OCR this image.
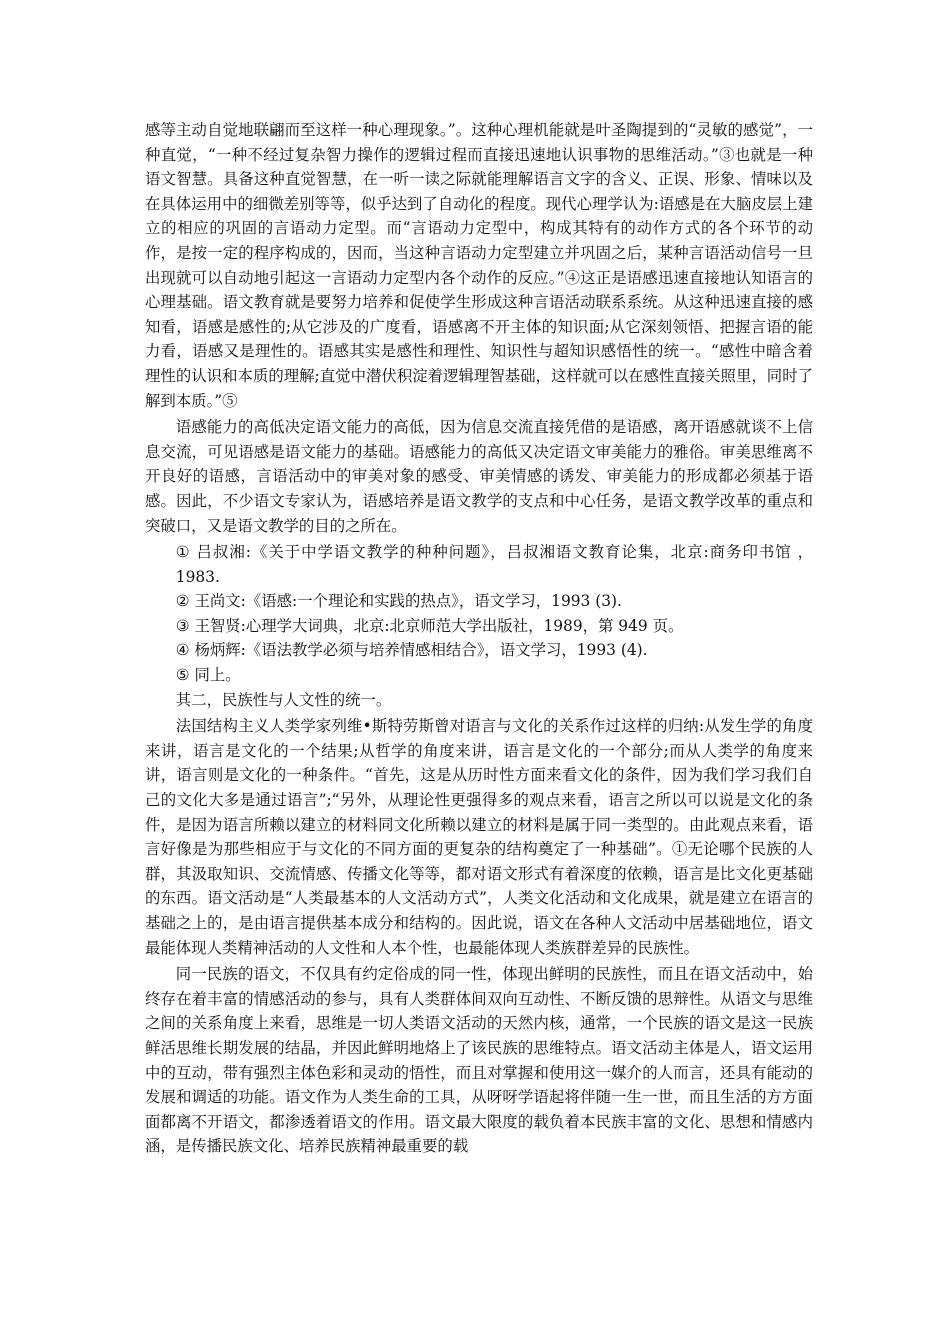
感等主动自觉地联翩而至这样一种心理现象。”。这种心理机能就是叶圣陶提到的“灵敏的感觉”，一种直觉，“一种不经过复杂智力操作的逻辑过程而直接迅速地认识事物的思维活动。”③也就是一种语文智慧。具备这种直觉智慧，在一听一读之际就能理解语言文字的含义、正误、形象、情味以及在具体运用中的细微差别等等，似乎达到了自动化的程度。现代心理学认为:语感是在大脑皮层上建立的相应的巩固的言语动力定型。而“言语动力定型中，构成其特有的动作方式的各个环节的动作，是按一定的程序构成的，因而，当这种言语动力定型建立并巩固之后，某种言语活动信号一旦出现就可以自动地引起这一言语动力定型内各个动作的反应。”④这正是语感迅速直接地认知语言的心理基础。语文教育就是要努力培养和促使学生形成这种言语活动联系系统。从这种迅速直接的感知看，语感是感性的;从它涉及的广度看，语感离不开主体的知识面;从它深刻领悟、把握言语的能力看，语感又是理性的。语感其实是感性和理性、知识性与超知识感悟性的统一。“感性中暗含着理性的认识和本质的理解;直觉中潜伏积淀着逻辑理智基础，这样就可以在感性直接关照里，同时了解到本质。”⑤

语感能力的高低决定语文能力的高低，因为信息交流直接凭借的是语感，离开语感就谈不上信息交流，可见语感是语文能力的基础。语感能力的高低又决定语文审美能力的雅俗。审美思维离不开良好的语感，言语活动中的审美对象的感受、审美情感的诱发、审美能力的形成都必须基于语感。因此，不少语文专家认为，语感培养是语文教学的支点和中心任务，是语文教学改革的重点和突破口，又是语文教学的目的之所在。

① 吕叔湘:《关于中学语文教学的种种问题》，吕叔湘语文教育论集，北京:商务印书馆 ，1983.

② 王尚文:《语感:一个理论和实践的热点》，语文学习，1993 (3).

③ 王智贤:心理学大词典，北京:北京师范大学出版社，1989，第 949 页。

④ 杨炳辉:《语法教学必须与培养情感相结合》，语文学习，1993 (4).

⑤ 同上。

其二，民族性与人文性的统一。

法国结构主义人类学家列维•斯特劳斯曾对语言与文化的关系作过这样的归纳:从发生学的角度来讲，语言是文化的一个结果;从哲学的角度来讲，语言是文化的一个部分;而从人类学的角度来讲，语言则是文化的一种条件。“首先，这是从历时性方面来看文化的条件，因为我们学习我们自己的文化大多是通过语言”;“另外，从理论性更强得多的观点来看，语言之所以可以说是文化的条件，是因为语言所赖以建立的材料同文化所赖以建立的材料是属于同一类型的。由此观点来看，语言好像是为那些相应于与文化的不同方面的更复杂的结构奠定了一种基础”。①无论哪个民族的人群，其汲取知识、交流情感、传播文化等等，都对语文形式有着深度的依赖，语言是比文化更基础的东西。语文活动是“人类最基本的人文活动方式”，人类文化活动和文化成果，就是建立在语言的基础之上的，是由语言提供基本成分和结构的。因此说，语文在各种人文活动中居基础地位，语文最能体现人类精神活动的人文性和人本个性，也最能体现人类族群差异的民族性。

同一民族的语文，不仅具有约定俗成的同一性，体现出鲜明的民族性，而且在语文活动中，始终存在着丰富的情感活动的参与，具有人类群体间双向互动性、不断反馈的思辩性。从语文与思维之间的关系角度上来看，思维是一切人类语文活动的天然内核，通常，一个民族的语文是这一民族鲜活思维长期发展的结晶，并因此鲜明地烙上了该民族的思维特点。语文活动主体是人，语文运用中的互动，带有强烈主体色彩和灵动的悟性，而且对掌握和使用这一媒介的人而言，还具有能动的发展和调适的功能。语文作为人类生命的工具，从呀呀学语起将伴随一生一世，而且生活的方方面面都离不开语文，都渗透着语文的作用。语文最大限度的载负着本民族丰富的文化、思想和情感内涵，是传播民族文化、培养民族精神最重要的载
